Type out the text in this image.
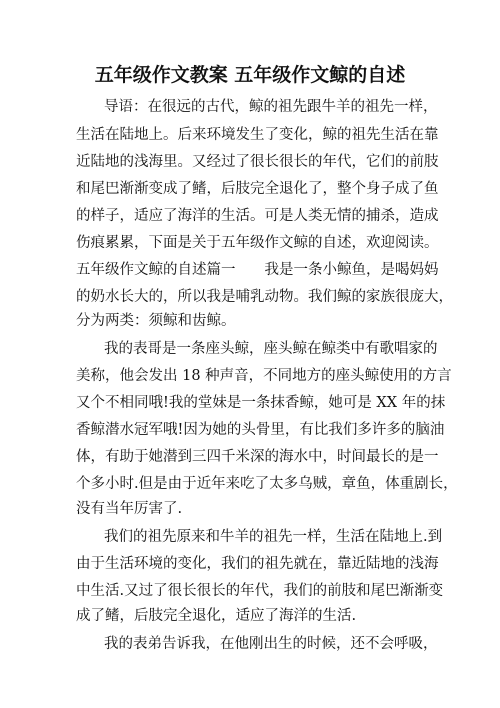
五年级作文教案 五年级作文鲸的自述
导语：在很远的古代，鲸的祖先跟牛羊的祖先一样，
生活在陆地上。后来环境发生了变化，鲸的祖先生活在靠
近陆地的浅海里。又经过了很长很长的年代，它们的前肢
和尾巴渐渐变成了鳍，后肢完全退化了，整个身子成了鱼
的样子，适应了海洋的生活。可是人类无情的捕杀，造成
伤痕累累，下面是关于五年级作文鲸的自述，欢迎阅读。
五年级作文鲸的自述篇一　　我是一条小鲸鱼，是喝妈妈
的奶水长大的，所以我是哺乳动物。我们鲸的家族很庞大，
分为两类：须鲸和齿鲸。
我的表哥是一条座头鲸，座头鲸在鲸类中有歌唱家的
美称，他会发出 18 种声音，不同地方的座头鲸使用的方言
又个不相同哦!我的堂妹是一条抹香鲸，她可是 XX 年的抹
香鲸潜水冠军哦!因为她的头骨里，有比我们多许多的脑油
体，有助于她潜到三四千米深的海水中，时间最长的是一
个多小时.但是由于近年来吃了太多乌贼，章鱼，体重剧长，
没有当年厉害了.
我们的祖先原来和牛羊的祖先一样，生活在陆地上.到
由于生活环境的变化，我们的祖先就在，靠近陆地的浅海
中生活.又过了很长很长的年代，我们的前肢和尾巴渐渐变
成了鳍，后肢完全退化，适应了海洋的生活.
我的表弟告诉我，在他刚出生的时候，还不会呼吸，
